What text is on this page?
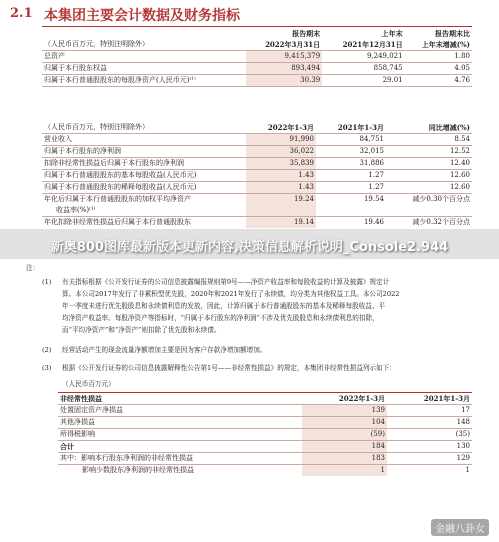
2.1 本集团主要会计数据及财务指标
	报告期末	上年末	报告期末比
（人民币百万元，特别注明除外）	2022年3月31日	2021年12月31日	上年末增减(%)
总资产	9,415,379	9,249,021	1.80
归属于本行股东权益	893,494	858,745	4.05
归属于本行普通股股东的每股净资产(人民币元)⁽¹⁾	30.39	29.01	4.76
（人民币百万元，特别注明除外）	2022年1-3月	2021年1-3月	同比增减(%)
营业收入	91,990	84,751	8.54
归属于本行股东的净利润	36,022	32,015	12.52
扣除非经常性损益后归属于本行股东的净利润	35,839	31,886	12.40
归属于本行普通股股东的基本每股收益(人民币元)	1.43	1.27	12.60
归属于本行普通股股东的稀释每股收益(人民币元)	1.43	1.27	12.60
年化后归属于本行普通股股东的加权平均净资产	19.24	19.54	减少0.30个百分点
收益率(%)⁽¹⁾			
年化扣除非经常性损益后归属于本行普通股股东	19.14	19.46	减少0.32个百分点
新奥800图库最新版本更新内容,决策信息解析说明_Console2.944
注：
(1) 有关指标根据《公开发行证券的公司信息披露编报规则第9号——净资产收益率和每股收益的计算及披露》规定计
算。本公司2017年发行了非累积型优先股，2020年和2021年发行了永续债，均分类为其他权益工具。本公司2022
年一季度未进行优先股股息和永续债利息的发放，因此，计算归属于本行普通股股东的基本及稀释每股收益、平
均净资产收益率、每股净资产等指标时，“归属于本行股东的净利润”不涉及优先股股息和永续债利息的扣除，
而“平均净资产”和“净资产”则扣除了优先股和永续债。
(2) 经营活动产生的现金流量净额增加主要是因为客户存款净增加额增加。
(3) 根据《公开发行证券的公司信息披露解释性公告第1号——非经常性损益》的规定，本集团非经常性损益列示如下：
（人民币百万元）
非经常性损益	2022年1-3月	2021年1-3月
处置固定资产净损益	139	17
其他净损益	104	148
所得税影响	(59)	(35)
合计	184	130
其中：影响本行股东净利润的非经常性损益	183	129
影响少数股东净利润的非经常性损益	1	1
金融八卦女
